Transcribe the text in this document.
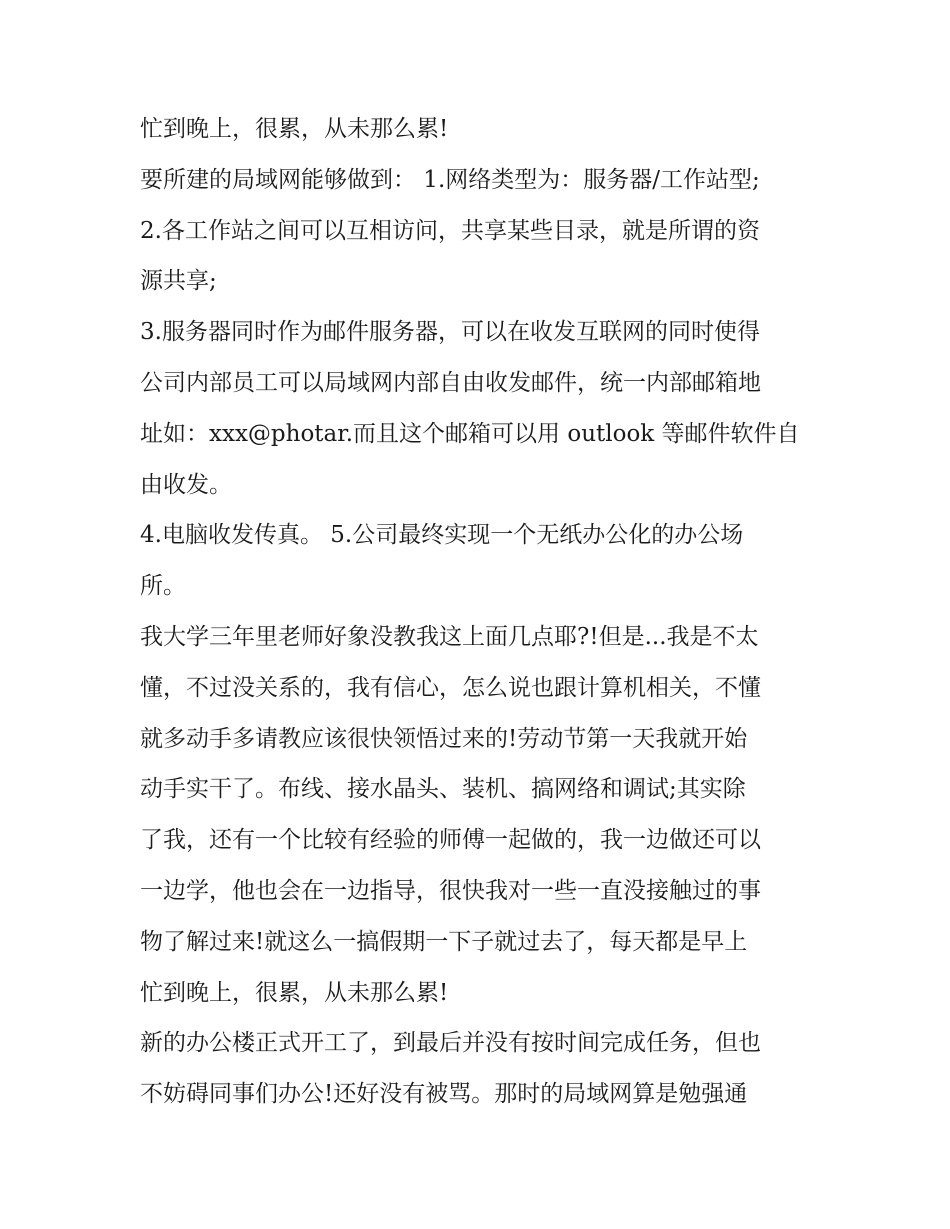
忙到晚上，很累，从未那么累!
要所建的局域网能够做到： 1.网络类型为：服务器/工作站型;
2.各工作站之间可以互相访问，共享某些目录，就是所谓的资
源共享;
3.服务器同时作为邮件服务器，可以在收发互联网的同时使得
公司内部员工可以局域网内部自由收发邮件，统一内部邮箱地
址如：xxx@photar.而且这个邮箱可以用 outlook 等邮件软件自
由收发。
4.电脑收发传真。 5.公司最终实现一个无纸办公化的办公场
所。
我大学三年里老师好象没教我这上面几点耶?!但是...我是不太
懂，不过没关系的，我有信心，怎么说也跟计算机相关，不懂
就多动手多请教应该很快领悟过来的!劳动节第一天我就开始
动手实干了。布线、接水晶头、装机、搞网络和调试;其实除
了我，还有一个比较有经验的师傅一起做的，我一边做还可以
一边学，他也会在一边指导，很快我对一些一直没接触过的事
物了解过来!就这么一搞假期一下子就过去了，每天都是早上
忙到晚上，很累，从未那么累!
新的办公楼正式开工了，到最后并没有按时间完成任务，但也
不妨碍同事们办公!还好没有被骂。那时的局域网算是勉强通
